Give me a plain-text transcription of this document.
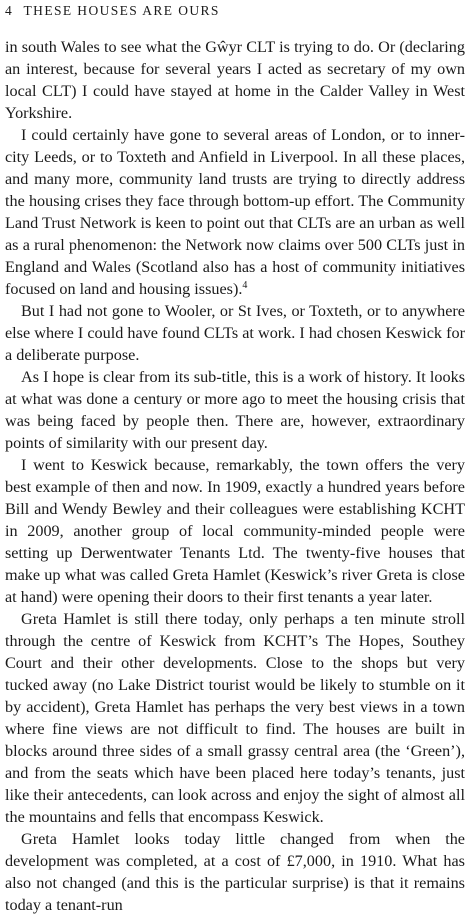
4 THESE HOUSES ARE OURS

in south Wales to see what the Gŵyr CLT is trying to do. Or (declaring an interest, because for several years I acted as secretary of my own local CLT) I could have stayed at home in the Calder Valley in West Yorkshire.

I could certainly have gone to several areas of London, or to inner-city Leeds, or to Toxteth and Anfield in Liverpool. In all these places, and many more, community land trusts are trying to directly address the housing crises they face through bottom-up effort. The Community Land Trust Network is keen to point out that CLTs are an urban as well as a rural phenomenon: the Network now claims over 500 CLTs just in England and Wales (Scotland also has a host of community initiatives focused on land and housing issues).$^4$

But I had not gone to Wooler, or St Ives, or Toxteth, or to anywhere else where I could have found CLTs at work. I had chosen Keswick for a deliberate purpose.

As I hope is clear from its sub-title, this is a work of history. It looks at what was done a century or more ago to meet the housing crisis that was being faced by people then. There are, however, extraordinary points of similarity with our present day.

I went to Keswick because, remarkably, the town offers the very best example of then and now. In 1909, exactly a hundred years before Bill and Wendy Bewley and their colleagues were establishing KCHT in 2009, another group of local community-minded people were setting up Derwentwater Tenants Ltd. The twenty-five houses that make up what was called Greta Hamlet (Keswick’s river Greta is close at hand) were opening their doors to their first tenants a year later.

Greta Hamlet is still there today, only perhaps a ten minute stroll through the centre of Keswick from KCHT’s The Hopes, Southey Court and their other developments. Close to the shops but very tucked away (no Lake District tourist would be likely to stumble on it by accident), Greta Hamlet has perhaps the very best views in a town where fine views are not difficult to find. The houses are built in blocks around three sides of a small grassy central area (the ‘Green’), and from the seats which have been placed here today’s tenants, just like their antecedents, can look across and enjoy the sight of almost all the mountains and fells that encompass Keswick.

Greta Hamlet looks today little changed from when the development was completed, at a cost of £7,000, in 1910. What has also not changed (and this is the particular surprise) is that it remains today a tenant-run
